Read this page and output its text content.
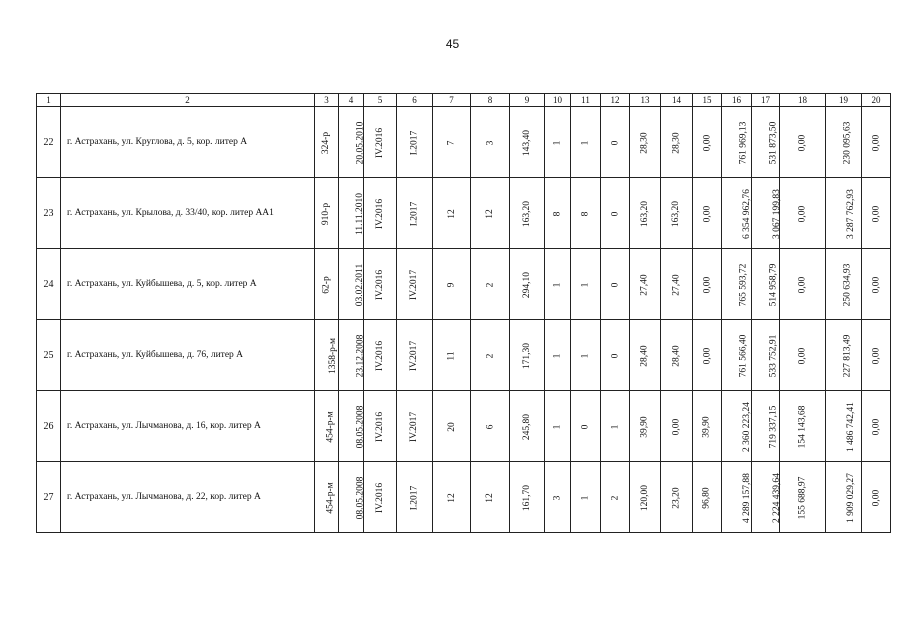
45
1	2	3	4	5	6	7	8	9	10	11	12	13	14	15	16	17	18	19	20
22	г. Астрахань, ул. Круглова, д. 5, кор. литер А	324-р	20.05.2010	IV.2016	I.2017	7	3	143,40	1	1	0	28,30	28,30	0,00	761 969,13	531 873,50	0,00	230 095,63	0,00
23	г. Астрахань, ул. Крылова, д. 33/40, кор. литер АА1	910-р	11.11.2010	IV.2016	I.2017	12	12	163,20	8	8	0	163,20	163,20	0,00	6 354 962,76	3 067 199,83	0,00	3 287 762,93	0,00
24	г. Астрахань, ул. Куйбышева, д. 5, кор. литер А	62-р	03.02.2011	IV.2016	IV.2017	9	2	294,10	1	1	0	27,40	27,40	0,00	765 593,72	514 958,79	0,00	250 634,93	0,00
25	г. Астрахань, ул. Куйбышева, д. 76, литер А	1358-р-м	23.12.2008	IV.2016	IV.2017	11	2	171,30	1	1	0	28,40	28,40	0,00	761 566,40	533 752,91	0,00	227 813,49	0,00
26	г. Астрахань, ул. Лычманова, д. 16, кор. литер А	454-р-м	08.05.2008	IV.2016	IV.2017	20	6	245,80	1	0	1	39,90	0,00	39,90	2 360 223,24	719 337,15	154 143,68	1 486 742,41	0,00
27	г. Астрахань, ул. Лычманова, д. 22, кор. литер А	454-р-м	08.05.2008	IV.2016	I.2017	12	12	161,70	3	1	2	120,00	23,20	96,80	4 289 157,88	2 224 439,64	155 688,97	1 909 029,27	0,00
